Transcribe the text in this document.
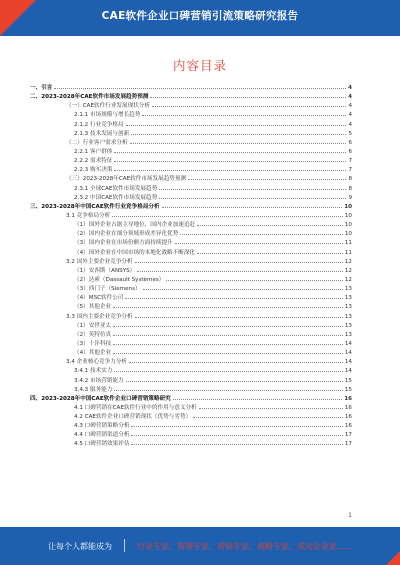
CAE软件企业口碑营销引流策略研究报告
内容目录
一、引言	4
二、2023-2028年CAE软件市场发展趋势预测	4
（一）CAE软件行业发展现状分析	4
2.1.1 市场规模与增长趋势	4
2.1.2 行业竞争格局	4
2.1.3 技术发展与创新	5
（二）行业客户需求分析	6
2.2.1 客户群体	6
2.2.2 需求特征	7
2.2.3 购买决策	7
（三）2023-2028年CAE软件市场发展趋势预测	8
2.3.1 全球CAE软件市场发展趋势	8
2.3.2 中国CAE软件市场发展趋势	9
三、2023-2028年中国CAE软件行业竞争格局分析	10
3.1 竞争格局分析	10
（1）国外企业占据主导地位，国内企业加速追赶	10
（2）国内企业在细分领域形成差异化优势	10
（3）国内企业在市场份额方面持续提升	11
（4）国外企业在中国市场的本地化战略不断深化	11
3.2 国外主要企业竞争分析	12
（1）安西斯（ANSYS）	12
（2）达索（Dassault Systèmes）	12
（3）西门子（Siemens）	13
（4）MSC软件公司	13
（5）其他企业	13
3.3 国内主要企业竞争分析	13
（1）安世亚太	13
（2）英特仿真	13
（3）十沣科技	14
（4）其他企业	14
3.4 企业核心竞争力分析	14
3.4.1 技术实力	14
3.4.2 市场营销能力	15
3.4.3 服务能力	15
四、2023-2028年中国CAE软件企业口碑营销策略研究	16
4.1 口碑营销在CAE软件行业中的作用与意义分析	16
4.2 CAE软件企业口碑营销现状（优势与劣势）	16
4.3 口碑营销策略分析	16
4.4 口碑营销渠道分析	17
4.5 口碑营销效果评估	17
1
让每个人都能成为	行业专家、管理专家、营销专家、战略专家、成功企业家……
